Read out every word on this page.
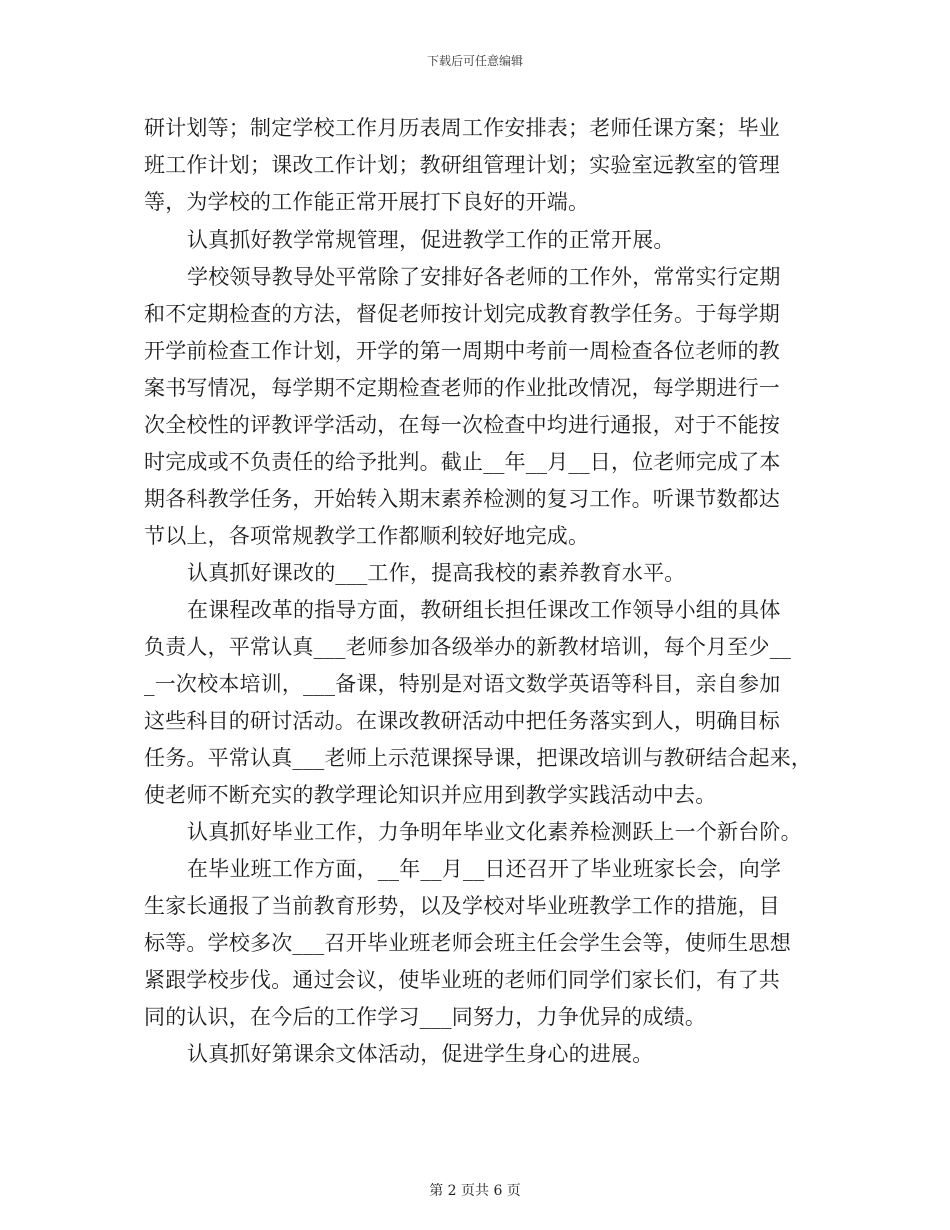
下载后可任意编辑
研计划等；制定学校工作月历表周工作安排表；老师任课方案；毕业
班工作计划；课改工作计划；教研组管理计划；实验室远教室的管理
等，为学校的工作能正常开展打下良好的开端。
认真抓好教学常规管理，促进教学工作的正常开展。
学校领导教导处平常除了安排好各老师的工作外，常常实行定期
和不定期检查的方法，督促老师按计划完成教育教学任务。于每学期
开学前检查工作计划，开学的第一周期中考前一周检查各位老师的教
案书写情况，每学期不定期检查老师的作业批改情况，每学期进行一
次全校性的评教评学活动，在每一次检查中均进行通报，对于不能按
时完成或不负责任的给予批判。截止__年__月__日，位老师完成了本
期各科教学任务，开始转入期末素养检测的复习工作。听课节数都达
节以上，各项常规教学工作都顺利较好地完成。
认真抓好课改的___工作，提高我校的素养教育水平。
在课程改革的指导方面，教研组长担任课改工作领导小组的具体
负责人，平常认真___老师参加各级举办的新教材培训，每个月至少__
_一次校本培训，___备课，特别是对语文数学英语等科目，亲自参加
这些科目的研讨活动。在课改教研活动中把任务落实到人，明确目标
任务。平常认真___老师上示范课探导课，把课改培训与教研结合起来，
使老师不断充实的教学理论知识并应用到教学实践活动中去。
认真抓好毕业工作，力争明年毕业文化素养检测跃上一个新台阶。
在毕业班工作方面，__年__月__日还召开了毕业班家长会，向学
生家长通报了当前教育形势，以及学校对毕业班教学工作的措施，目
标等。学校多次___召开毕业班老师会班主任会学生会等，使师生思想
紧跟学校步伐。通过会议，使毕业班的老师们同学们家长们，有了共
同的认识，在今后的工作学习___同努力，力争优异的成绩。
认真抓好第课余文体活动，促进学生身心的进展。
第 2 页共 6 页
